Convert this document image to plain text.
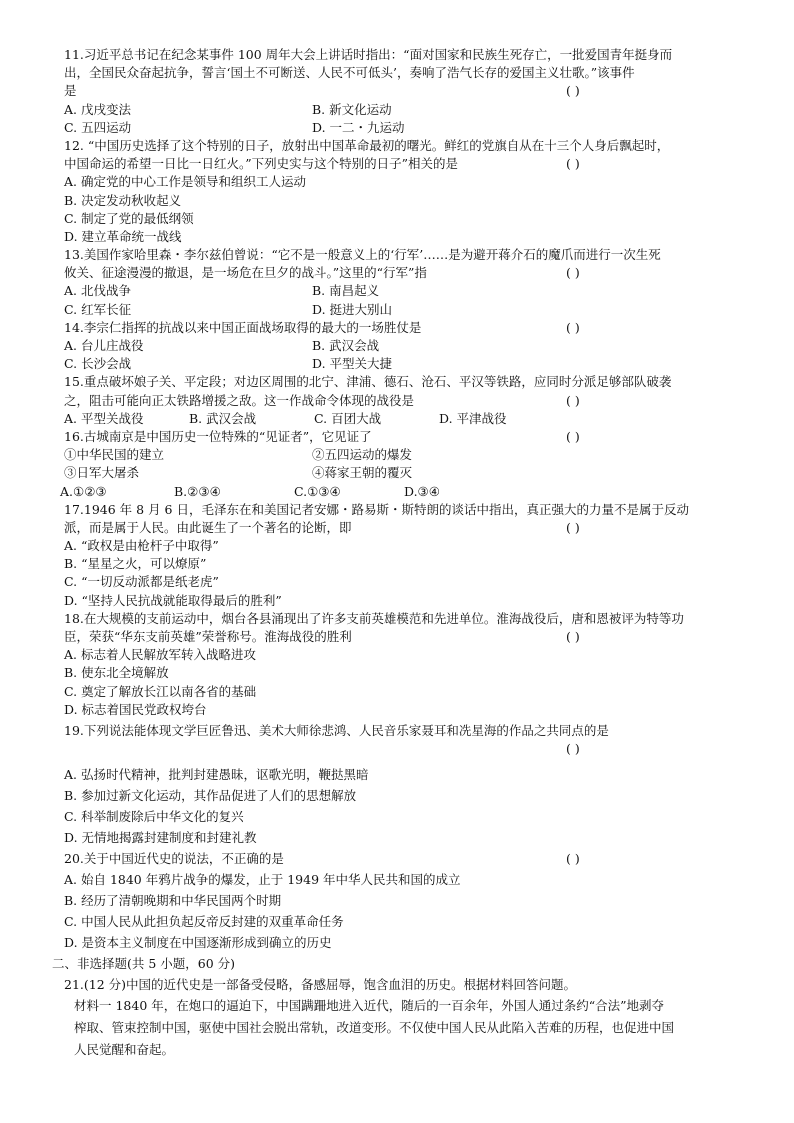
11.习近平总书记在纪念某事件 100 周年大会上讲话时指出：“面对国家和民族生死存亡，一批爱国青年挺身而
出，全国民众奋起抗争，誓言‘国土不可断送、人民不可低头’，奏响了浩气长存的爱国主义壮歌。”该事件
是	( )
A. 戊戌变法	B. 新文化运动
C. 五四运动	D. 一二・九运动
12. “中国历史选择了这个特别的日子，放射出中国革命最初的曙光。鲜红的党旗自从在十三个人身后飘起时，
中国命运的希望一日比一日红火。”下列史实与这个特别的日子”相关的是	( )
A. 确定党的中心工作是领导和组织工人运动
B. 决定发动秋收起义
C. 制定了党的最低纲领
D. 建立革命统一战线
13.美国作家哈里森・李尔兹伯曾说：“它不是一般意义上的‘行军’……是为避开蒋介石的魔爪而进行一次生死
攸关、征途漫漫的撤退，是一场危在旦夕的战斗。”这里的“行军”指	( )
A. 北伐战争	B. 南昌起义
C. 红军长征	D. 挺进大别山
14.李宗仁指挥的抗战以来中国正面战场取得的最大的一场胜仗是	( )
A. 台儿庄战役	B. 武汉会战
C. 长沙会战	D. 平型关大捷
15.重点破坏娘子关、平定段；对边区周围的北宁、津浦、德石、沧石、平汉等铁路，应同时分派足够部队破袭
之，阻击可能向正太铁路增援之敌。这一作战命令体现的战役是	( )
A. 平型关战役	B. 武汉会战	C. 百团大战	D. 平津战役
16.古城南京是中国历史一位特殊的“见证者”，它见证了	( )
①中华民国的建立	②五四运动的爆发
③日军大屠杀	④蒋家王朝的覆灭
A.①②③	B.②③④	C.①③④	D.③④
17.1946 年 8 月 6 日，毛泽东在和美国记者安娜・路易斯・斯特朗的谈话中指出，真正强大的力量不是属于反动
派，而是属于人民。由此诞生了一个著名的论断，即	( )
A. “政权是由枪杆子中取得”
B. “星星之火，可以燎原”
C. “一切反动派都是纸老虎”
D. “坚持人民抗战就能取得最后的胜利”
18.在大规模的支前运动中，烟台各县涌现出了许多支前英雄模范和先进单位。淮海战役后，唐和恩被评为特等功
臣，荣获“华东支前英雄”荣誉称号。淮海战役的胜利	( )
A. 标志着人民解放军转入战略进攻
B. 使东北全境解放
C. 奠定了解放长江以南各省的基础
D. 标志着国民党政权垮台
19.下列说法能体现文学巨匠鲁迅、美术大师徐悲鸿、人民音乐家聂耳和冼星海的作品之共同点的是
( )
A. 弘扬时代精神，批判封建愚昧，讴歌光明，鞭挞黑暗
B. 参加过新文化运动，其作品促进了人们的思想解放
C. 科举制废除后中华文化的复兴
D. 无情地揭露封建制度和封建礼教
20.关于中国近代史的说法，不正确的是	( )
A. 始自 1840 年鸦片战争的爆发，止于 1949 年中华人民共和国的成立
B. 经历了清朝晚期和中华民国两个时期
C. 中国人民从此担负起反帝反封建的双重革命任务
D. 是资本主义制度在中国逐渐形成到确立的历史
二、非选择题(共 5 小题，60 分)
21.(12 分)中国的近代史是一部备受侵略，备感屈辱，饱含血泪的历史。根据材料回答问题。
材料一 1840 年，在炮口的逼迫下，中国蹒跚地进入近代，随后的一百余年，外国人通过条约“合法”地剥夺
榨取、管束控制中国，驱使中国社会脱出常轨，改道变形。不仅使中国人民从此陷入苦难的历程，也促进中国
人民觉醒和奋起。
